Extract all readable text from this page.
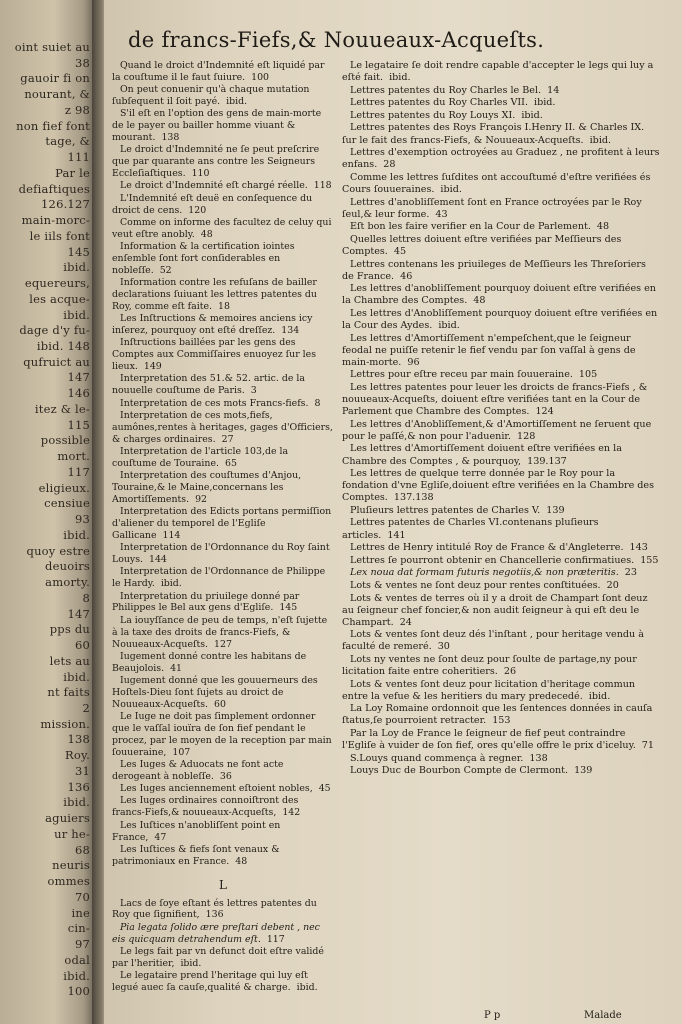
oint suiet au
38
gauoir fi on
nourant, &
z 98
non fief font
tage, &
111
Par le
defiaftiques
126.127
main-morc-
le iils font
145
ibid.
equereurs,
les acque-
ibid.
dage d'y fu-
ibid. 148
qufruict au
147
146
itez & le-
115
possible
mort.
117
eligieux.
censiue
93
ibid.
quoy estre
deuoirs
amorty.
8
147
pps du
60
lets au
ibid.
nt faits
2
mission.
138
Roy.
31
136
ibid.
aguiers
ur he-
68
neuris
ommes
70
ine
cin-
97
odal
ibid.
100
de francs-Fiefs,& Nouueaux-Acqueſts.
Quand le droict d'Indemnité eſt liquidé par la couſtume il le faut ſuiure. 100
On peut conuenir qu'à chaque mutation ſubſequent il ſoit payé. ibid.
S'il eſt en l'option des gens de main-morte de le payer ou bailler homme viuant & mourant. 138
Le droict d'Indemnité ne ſe peut preſcrire que par quarante ans contre les Seigneurs Eccleſiaſtiques. 110
Le droict d'Indemnité eſt chargé réelle. 118
L'Indemnité eſt deuë en conſequence du droict de cens. 120
Comme on informe des facultez de celuy qui veut eſtre anobly. 48
Information & la certification iointes enſemble ſont fort conſiderables en nobleſſe. 52
Information contre les refuſans de bailler declarations ſuiuant les lettres patentes du Roy, comme eſt faite. 18
Les Inſtructions & memoires anciens icy inſerez, pourquoy ont eſté dreſſez. 134
Inſtructions baillées par les gens des Comptes aux Commiſſaires enuoyez ſur les lieux. 149
Interpretation des 51.& 52. artic. de la nouuelle couſtume de Paris. 3
Interpretation de ces mots Francs-fiefs. 8
Interpretation de ces mots,fiefs, aumônes,rentes à heritages, gages d'Officiers, & charges ordinaires. 27
Interpretation de l'article 103,de la couſtume de Touraine. 65
Interpretation des couſtumes d'Anjou, Touraine,& le Maine,concernans les Amortiſſements. 92
Interpretation des Edicts portans permiſſion d'aliener du temporel de l'Egliſe Gallicane 114
Interpretation de l'Ordonnance du Roy ſaint Louys. 144
Interpretation de l'Ordonnance de Philippe le Hardy. ibid.
Interpretation du priuilege donné par Philippes le Bel aux gens d'Egliſe. 145
La iouyſſance de peu de temps, n'eſt ſujette à la taxe des droits de francs-Fiefs, & Nouueaux-Acqueſts. 127
Iugement donné contre les habitans de Beaujolois. 41
Iugement donné que les gouuerneurs des Hoſtels-Dieu ſont ſujets au droict de Nouueaux-Acqueſts. 60
Le Iuge ne doit pas ſimplement ordonner que le vaſſal iouïra de ſon fief pendant le procez, par le moyen de la reception par main ſouueraine, 107
Les Iuges & Aduocats ne font acte derogeant à nobleſſe. 36
Les Iuges anciennement eſtoient nobles, 45
Les Iuges ordinaires connoiſtront des francs-Fiefs,& nouueaux-Acqueſts, 142
Les Iuſtices n'anobliſſent point en France, 47
Les Iuſtices & fiefs ſont venaux & patrimoniaux en France. 48
L
Lacs de ſoye eſtant és lettres patentes du Roy que ſignifient, 136
Pia legata ſolido ære preſtari debent , nec eis quicquam detrahendum eſt. 117
Le legs fait par vn defunct doit eſtre validé par l'heritier, ibid.
Le legataire prend l'heritage qui luy eſt legué auec ſa cauſe,qualité & charge. ibid.
Le legataire ſe doit rendre capable d'accepter le legs qui luy a eſté fait. ibid.
Lettres patentes du Roy Charles le Bel. 14
Lettres patentes du Roy Charles VII. ibid.
Lettres patentes du Roy Louys XI. ibid.
Lettres patentes des Roys François I.Henry II. & Charles IX. ſur le fait des francs-Fiefs, & Nouueaux-Acqueſts. ibid.
Lettres d'exemption octroyées au Graduez , ne profitent à leurs enfans. 28
Comme les lettres ſuſdites ont accouſtumé d'eſtre verifiées és Cours ſouueraines. ibid.
Lettres d'anobliſſement ſont en France octroyées par le Roy ſeul,& leur forme. 43
Eſt bon les faire verifier en la Cour de Parlement. 48
Quelles lettres doiuent eſtre verifiées par Meſſieurs des Comptes. 45
Lettres contenans les priuileges de Meſſieurs les Threſoriers de France. 46
Les lettres d'anobliſſement pourquoy doiuent eſtre verifiées en la Chambre des Comptes. 48
Les lettres d'Anobliſſement pourquoy doiuent eſtre verifiées en la Cour des Aydes. ibid.
Les lettres d'Amortiſſement n'empeſchent,que le ſeigneur feodal ne puiſſe retenir le fief vendu par ſon vaſſal à gens de main-morte. 96
Lettres pour eſtre receu par main ſouueraine. 105
Les lettres patentes pour leuer les droicts de francs-Fiefs , & nouueaux-Acqueſts, doiuent eſtre verifiées tant en la Cour de Parlement que Chambre des Comptes. 124
Les lettres d'Anobliſſement,& d'Amortiſſement ne ſeruent que pour le paſſé,& non pour l'aduenir. 128
Les lettres d'Amortiſſement doiuent eſtre verifiées en la Chambre des Comptes , & pourquoy, 139.137
Les lettres de quelque terre donnée par le Roy pour la fondation d'vne Egliſe,doiuent eſtre verifiées en la Chambre des Comptes. 137.138
Pluſieurs lettres patentes de Charles V. 139
Lettres patentes de Charles VI.contenans pluſieurs articles. 141
Lettres de Henry intitulé Roy de France & d'Angleterre. 143
Lettres ſe pourront obtenir en Chancellerie confirmatiues. 155
Lex noua dat formam futuris negotiis,& non præteritis. 23
Lots & ventes ne ſont deuz pour rentes conſtituées. 20
Lots & ventes de terres où il y a droit de Champart ſont deuz au ſeigneur chef foncier,& non audit ſeigneur à qui eſt deu le Champart. 24
Lots & ventes ſont deuz dés l'inſtant , pour heritage vendu à faculté de remeré. 30
Lots ny ventes ne ſont deuz pour ſoulte de partage,ny pour licitation faite entre coheritiers. 26
Lots & ventes ſont deuz pour licitation d'heritage commun entre la vefue & les heritiers du mary predecedé. ibid.
La Loy Romaine ordonnoit que les ſentences données in cauſa ſtatus,ſe pourroient retracter. 153
Par la Loy de France le ſeigneur de fief peut contraindre l'Egliſe à vuider de ſon fief, ores qu'elle offre le prix d'iceluy. 71
S.Louys quand commença à regner. 138
Louys Duc de Bourbon Compte de Clermont. 139
P p	Malade
